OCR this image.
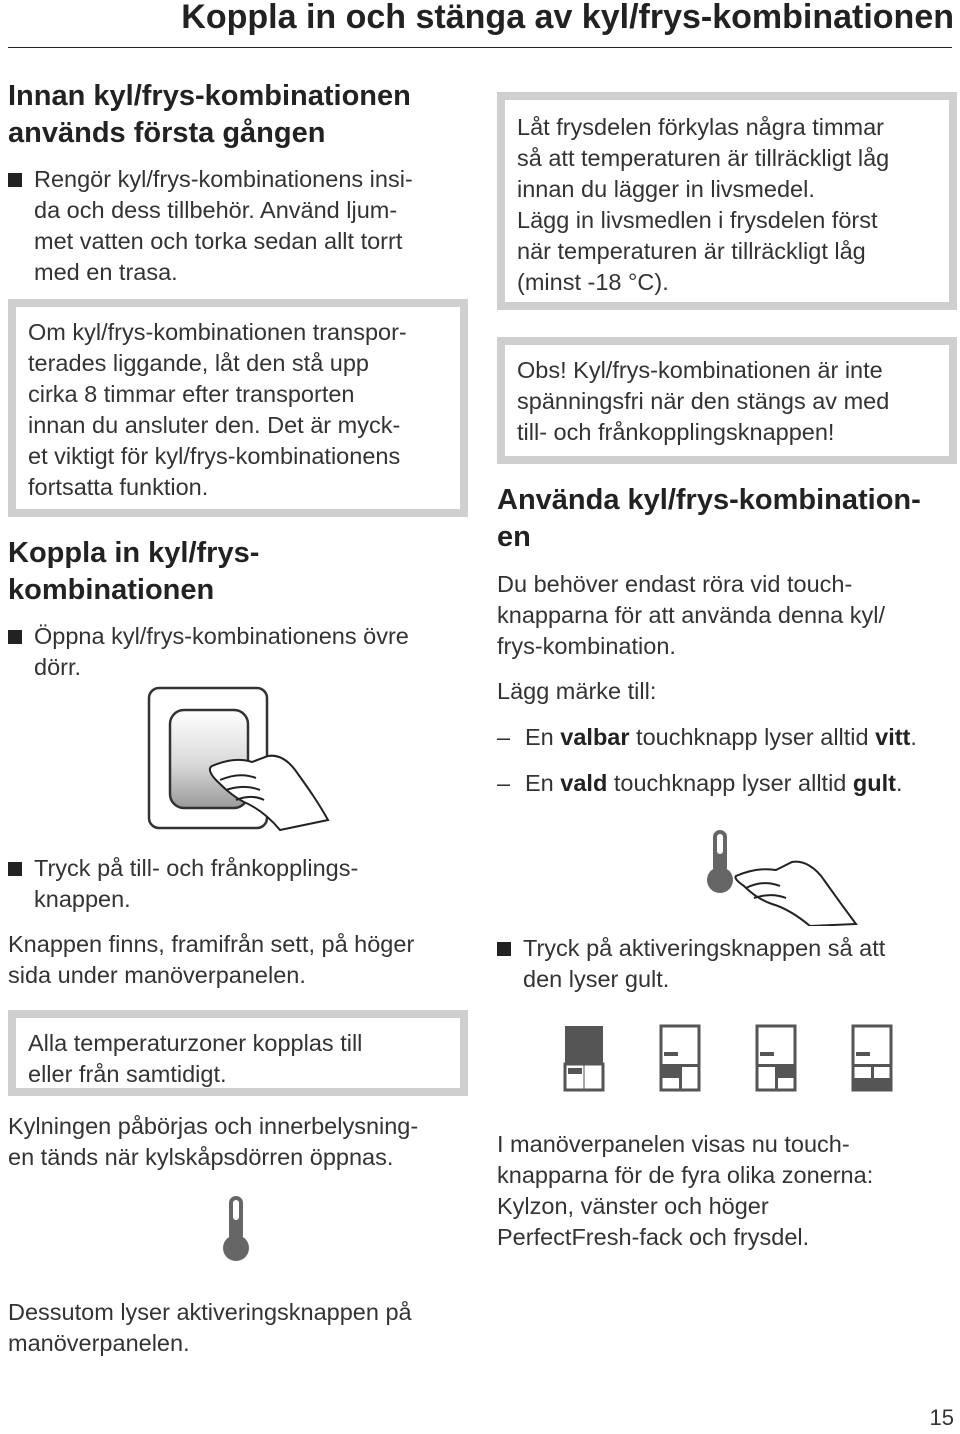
Koppla in och stänga av kyl/frys-kombinationen
Innan kyl/frys-kombinationen
används första gången
Rengör kyl/frys-kombinationens insi-
da och dess tillbehör. Använd ljum-
met vatten och torka sedan allt torrt
med en trasa.
Om kyl/frys-kombinationen transpor-
terades liggande, låt den stå upp
cirka 8 timmar efter transporten
innan du ansluter den. Det är myck-
et viktigt för kyl/frys-kombinationens
fortsatta funktion.
Koppla in kyl/frys-
kombinationen
Öppna kyl/frys-kombinationens övre
dörr.
Tryck på till- och frånkopplings-
knappen.
Knappen finns, framifrån sett, på höger
sida under manöverpanelen.
Alla temperaturzoner kopplas till
eller från samtidigt.
Kylningen påbörjas och innerbelysning-
en tänds när kylskåpsdörren öppnas.
Dessutom lyser aktiveringsknappen på
manöverpanelen.
Låt frysdelen förkylas några timmar
så att temperaturen är tillräckligt låg
innan du lägger in livsmedel.
Lägg in livsmedlen i frysdelen först
när temperaturen är tillräckligt låg
(minst -18 °C).
Obs! Kyl/frys-kombinationen är inte
spänningsfri när den stängs av med
till- och frånkopplingsknappen!
Använda kyl/frys-kombination-
en
Du behöver endast röra vid touch-
knapparna för att använda denna kyl/
frys-kombination.
Lägg märke till:
– En valbar touchknapp lyser alltid vitt.
– En vald touchknapp lyser alltid gult.
Tryck på aktiveringsknappen så att
den lyser gult.
I manöverpanelen visas nu touch-
knapparna för de fyra olika zonerna:
Kylzon, vänster och höger
PerfectFresh-fack och frysdel.
15
